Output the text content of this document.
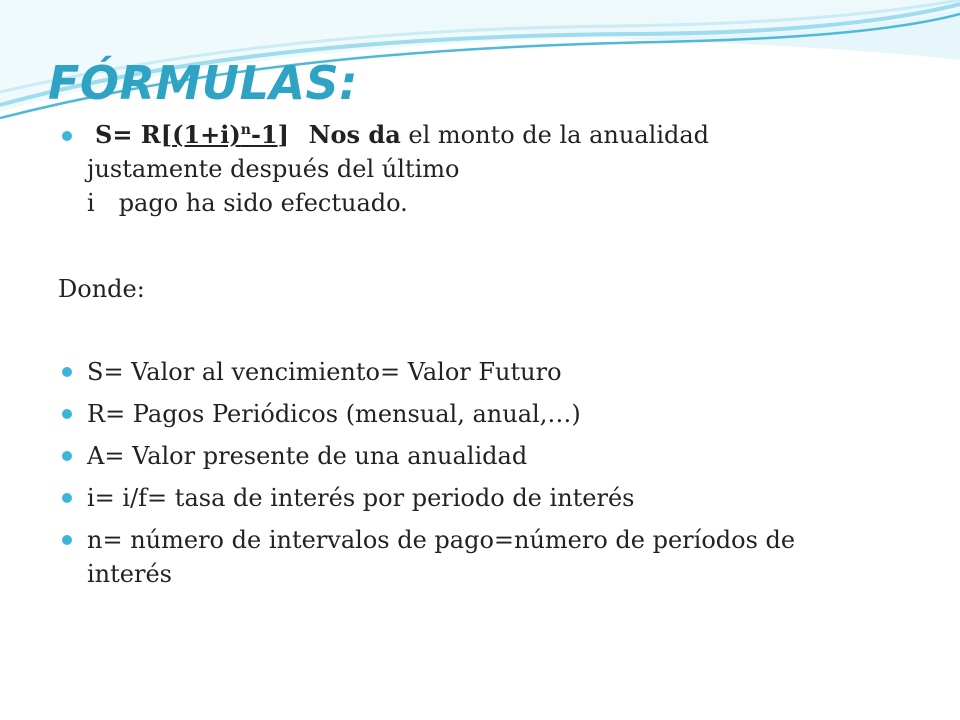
FÓRMULAS:
$S= R[(1+i)^n-1]$ Nos da el monto de la anualidad
justamente después del último
i pago ha sido efectuado.
Donde:
S= Valor al vencimiento= Valor Futuro
R= Pagos Periódicos (mensual, anual,…)
A= Valor presente de una anualidad
i= i/f= tasa de interés por periodo de interés
n= número de intervalos de pago=número de períodos de interés
